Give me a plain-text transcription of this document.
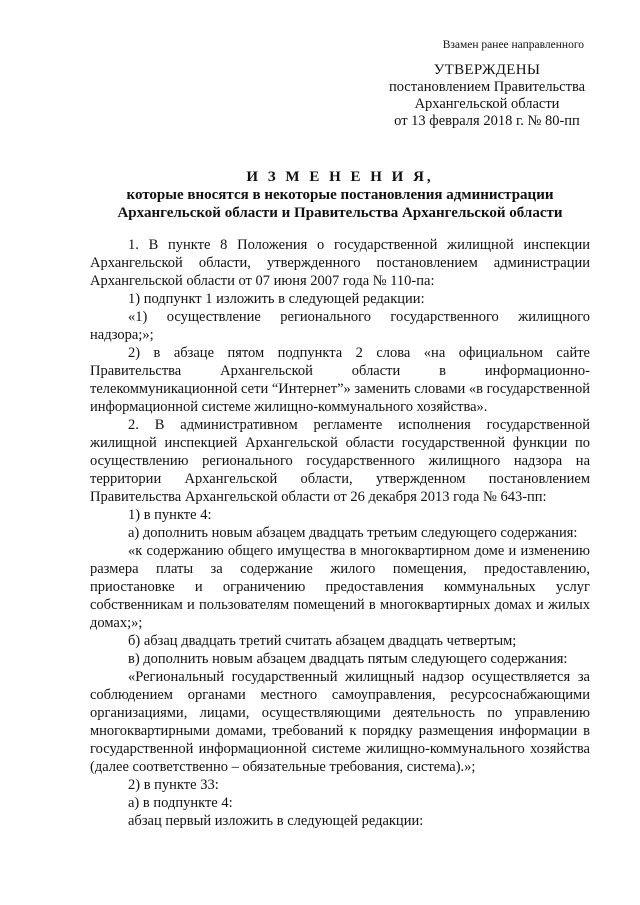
Взамен ранее направленного
УТВЕРЖДЕНЫ
постановлением Правительства
Архангельской области
от 13 февраля 2018 г. № 80-пп
И З М Е Н Е Н И Я,
которые вносятся в некоторые постановления администрации
Архангельской области и Правительства Архангельской области

1. В пункте 8 Положения о государственной жилищной инспекции Архангельской области, утвержденного постановлением администрации Архангельской области от 07 июня 2007 года № 110-па:

1) подпункт 1 изложить в следующей редакции:

«1) осуществление регионального государственного жилищного надзора;»;

2) в абзаце пятом подпункта 2 слова «на официальном сайте Правительства Архангельской области в информационно-телекоммуникационной сети “Интернет”» заменить словами «в государственной информационной системе жилищно-коммунального хозяйства».

2. В административном регламенте исполнения государственной жилищной инспекцией Архангельской области государственной функции по осуществлению регионального государственного жилищного надзора на территории Архангельской области, утвержденном постановлением Правительства Архангельской области от 26 декабря 2013 года № 643-пп:

1) в пункте 4:

а) дополнить новым абзацем двадцать третьим следующего содержания:

«к содержанию общего имущества в многоквартирном доме и изменению размера платы за содержание жилого помещения, предоставлению, приостановке и ограничению предоставления коммунальных услуг собственникам и пользователям помещений в многоквартирных домах и жилых домах;»;

б) абзац двадцать третий считать абзацем двадцать четвертым;

в) дополнить новым абзацем двадцать пятым следующего содержания:

«Региональный государственный жилищный надзор осуществляется за соблюдением органами местного самоуправления, ресурсоснабжающими организациями, лицами, осуществляющими деятельность по управлению многоквартирными домами, требований к порядку размещения информации в государственной информационной системе жилищно-коммунального хозяйства (далее соответственно – обязательные требования, система).»;

2) в пункте 33:

а) в подпункте 4:

абзац первый изложить в следующей редакции:
